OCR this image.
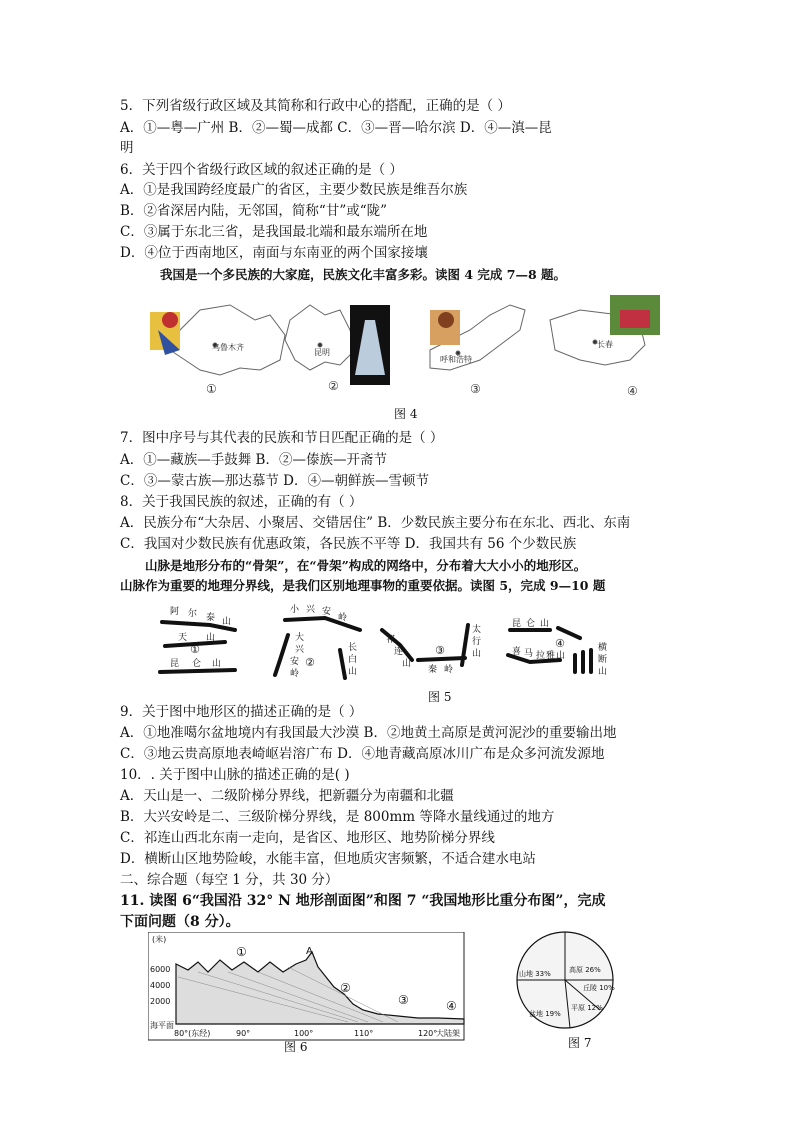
5．下列省级行政区域及其简称和行政中心的搭配，正确的是（ ）
A．①—粤—广州 B．②—蜀—成都 C．③—晋—哈尔滨 D．④—滇—昆
明
6．关于四个省级行政区域的叙述正确的是（ ）
A．①是我国跨经度最广的省区，主要少数民族是维吾尔族
B．②省深居内陆，无邻国，简称“甘”或“陇”
C．③属于东北三省，是我国最北端和最东端所在地
D．④位于西南地区，南面与东南亚的两个国家接壤
我国是一个多民族的大家庭，民族文化丰富多彩。读图 4 完成 7—8 题。
乌鲁木齐
昆明
呼和浩特
长春
①	②	③	④
图 4
7．图中序号与其代表的民族和节日匹配正确的是（ ）
A．①—藏族—手鼓舞 B．②—傣族—开斋节
C．③—蒙古族—那达慕节 D．④—朝鲜族—雪顿节
8．关于我国民族的叙述，正确的有（ ）
A．民族分布“大杂居、小聚居、交错居住” B．少数民族主要分布在东北、西北、东南
C．我国对少数民族有优惠政策，各民族不平等 D．我国共有 56 个少数民族
山脉是地形分布的“骨架”，在“骨架”构成的网络中，分布着大大小小的地形区。
山脉作为重要的地理分界线，是我们区别地理事物的重要依据。读图 5，完成 9—10 题
阿 尔 泰 山
天 山
昆 仑 山
①
小 兴 安
岭
大
兴
安
岭
长
白
山
②
祁
连
山
秦 岭
太
行
山
③
昆 仑 山
喜 马 拉 雅 山
横
断
山
④
图 5
9．关于图中地形区的描述正确的是（ ）
A．①地准噶尔盆地境内有我国最大沙漠 B．②地黄土高原是黄河泥沙的重要输出地
C．③地云贵高原地表崎岖岩溶广布 D．④地青藏高原冰川广布是众多河流发源地
10．. 关于图中山脉的描述正确的是( )
A．天山是一、二级阶梯分界线，把新疆分为南疆和北疆
B．大兴安岭是二、三级阶梯分界线，是 800mm 等降水量线通过的地方
C．祁连山西北东南一走向，是省区、地形区、地势阶梯分界线
D．横断山区地势险峻，水能丰富，但地质灾害频繁，不适合建水电站
二、综合题（每空 1 分，共 30 分）
11. 读图 6“我国沿 32° N 地形剖面图”和图 7 “我国地形比重分布图”，完成
下面问题（8 分）。
(米)
6000
4000
2000
海平面
80°(东经)	90°	100°	110°	120°
大陆架
A
①
②
③	④
图 6
高原 26%
山地 33%
丘陵 10%
平原 12%
盆地 19%
图 7
